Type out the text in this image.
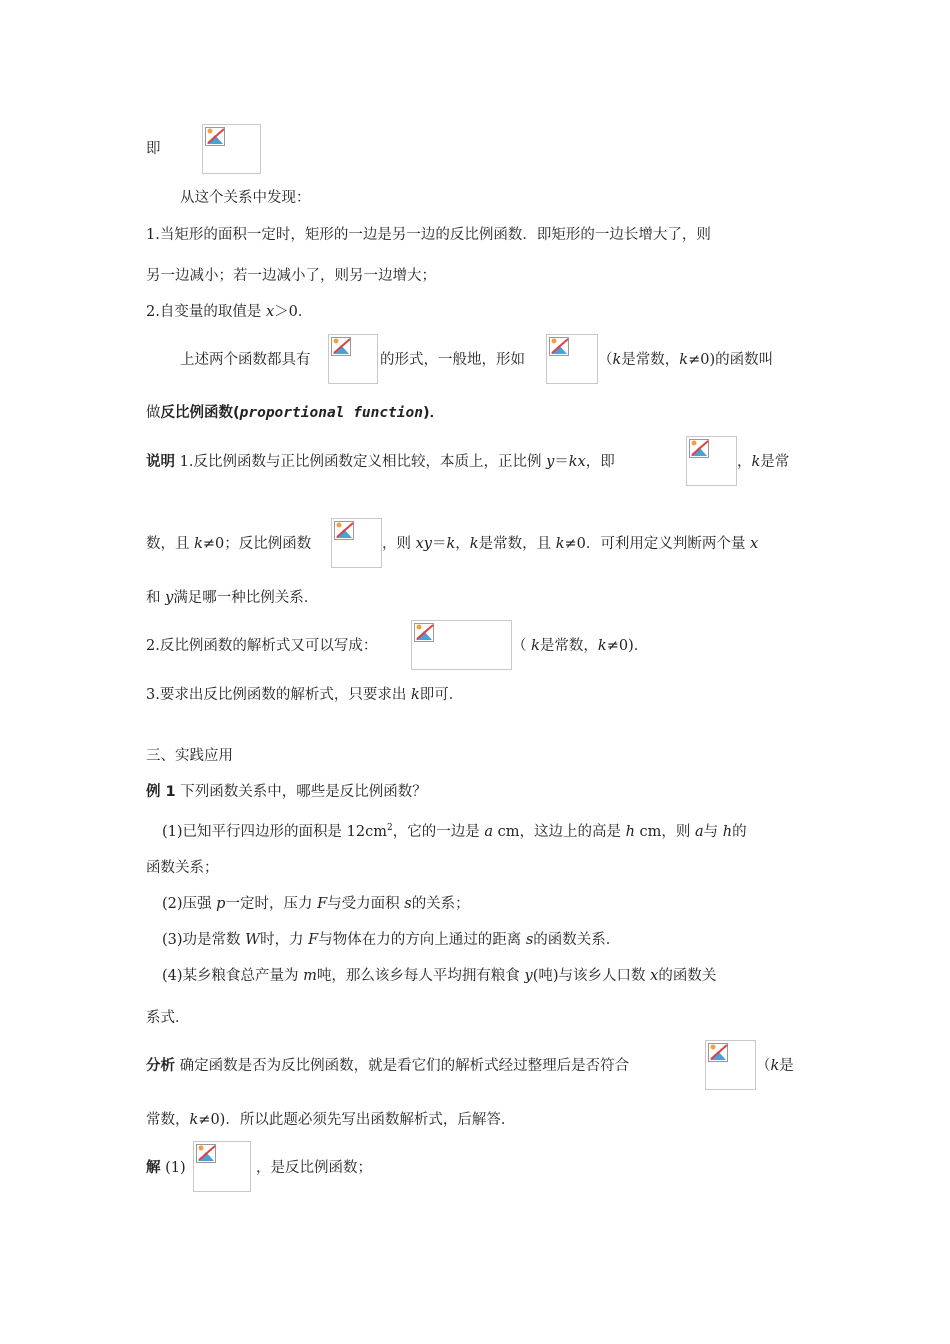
即
从这个关系中发现：
1.当矩形的面积一定时，矩形的一边是另一边的反比例函数．即矩形的一边长增大了，则
另一边减小；若一边减小了，则另一边增大；
2.自变量的取值是 x＞0．
上述两个函数都具有	的形式，一般地，形如	（k是常数，k≠0)的函数叫
做反比例函数(proportional function)．
说明 1.反比例函数与正比例函数定义相比较，本质上，正比例 y＝kx，即	，k是常
数，且 k≠0；反比例函数	，则 xy＝k，k是常数，且 k≠0．可利用定义判断两个量 x
和 y满足哪一种比例关系．
2.反比例函数的解析式又可以写成：	（ k是常数，k≠0)．
3.要求出反比例函数的解析式，只要求出 k即可．
三、实践应用
例 1 下列函数关系中，哪些是反比例函数？
(1)已知平行四边形的面积是 $12cm^2$，它的一边是 a cm，这边上的高是 h cm，则 a与 h的
函数关系；
(2)压强 p一定时，压力 F与受力面积 s的关系；
(3)功是常数 W时，力 F与物体在力的方向上通过的距离 s的函数关系．
(4)某乡粮食总产量为 m吨，那么该乡每人平均拥有粮食 y(吨)与该乡人口数 x的函数关
系式．
分析 确定函数是否为反比例函数，就是看它们的解析式经过整理后是否符合	（k是
常数，k≠0)．所以此题必须先写出函数解析式，后解答．
解 (1)	，是反比例函数；
